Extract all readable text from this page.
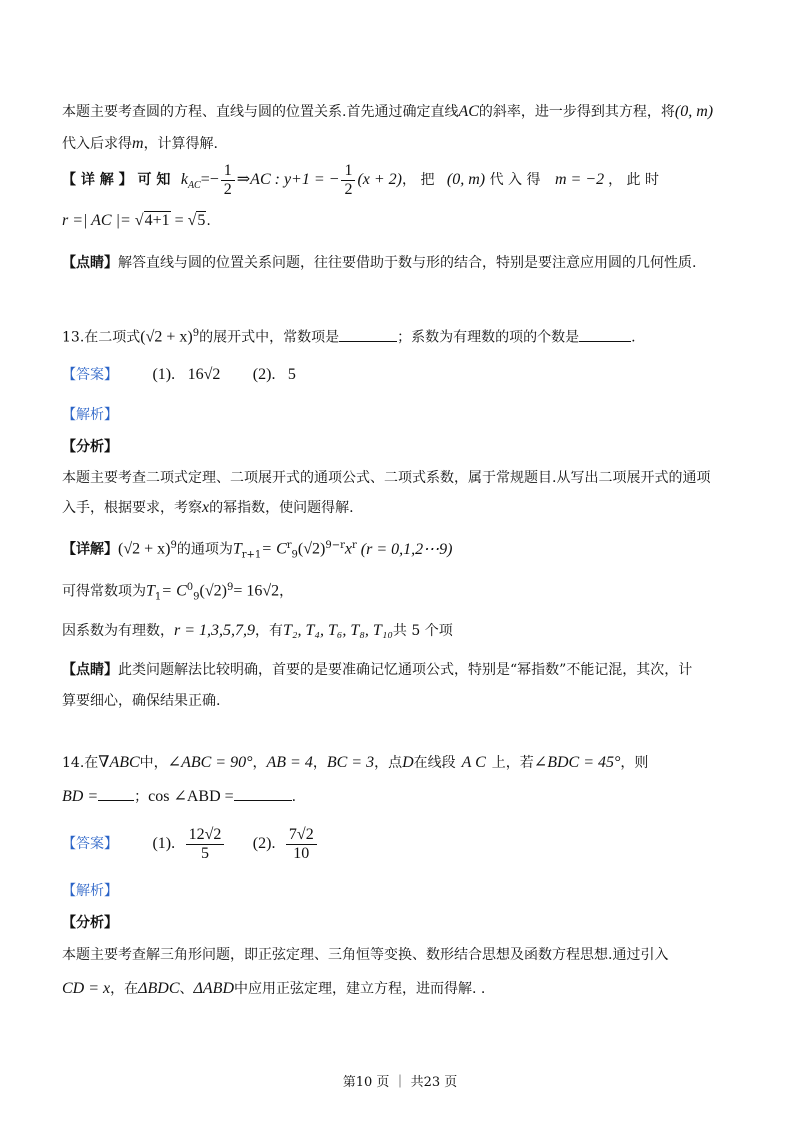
本题主要考查圆的方程、直线与圆的位置关系.首先通过确定直线AC的斜率，进一步得到其方程，将(0, m)
代入后求得m，计算得解.
【 详 解 】 可 知 $k_{AC}=- \frac{1}{2}$ ⇒AC : y+1 = − $\frac{1}{2} (x + 2)$， 把 (0, m) 代 入 得 m = −2 ， 此 时
r =| AC |= √4+1 = √5.
【点睛】解答直线与圆的位置关系问题，往往要借助于数与形的结合，特别是要注意应用圆的几何性质.
13.在二项式$(√2 + x)^9$的展开式中，常数项是	；系数为有理数的项的个数是	.
【答案】 (1). 16√2 (2). 5
【解析】
【分析】
本题主要考查二项式定理、二项展开式的通项公式、二项式系数，属于常规题目.从写出二项展开式的通项
入手，根据要求，考察x的幂指数，使问题得解.
【详解】$(√2 + x)^9$的通项为$T_{r+1}= C^r_9(√2)^{9-r}x^r$ (r = 0,1,2⋯9)
可得常数项为$T_1= C^0_9(√2)^9= 16√2$，
因系数为有理数，r = 1,3,5,7,9，有T₂, T₄, T₆, T₈, T₁₀共 5 个项
【点睛】此类问题解法比较明确，首要的是要准确记忆通项公式，特别是“幂指数”不能记混，其次，计
算要细心，确保结果正确.
14.在∇ABC中，∠ABC = 90°，AB = 4，BC = 3，点D在线段 A C 上，若∠BDC = 45°，则
BD =	；cos ∠ABD =	.
【答案】 (1). $\frac{12√2}{5} (2)$. $\frac{7√2}{10}$
【解析】
【分析】
本题主要考查解三角形问题，即正弦定理、三角恒等变换、数形结合思想及函数方程思想.通过引入
CD = x，在ΔBDC、ΔABD中应用正弦定理，建立方程，进而得解. .
第10 页 ｜ 共23 页
